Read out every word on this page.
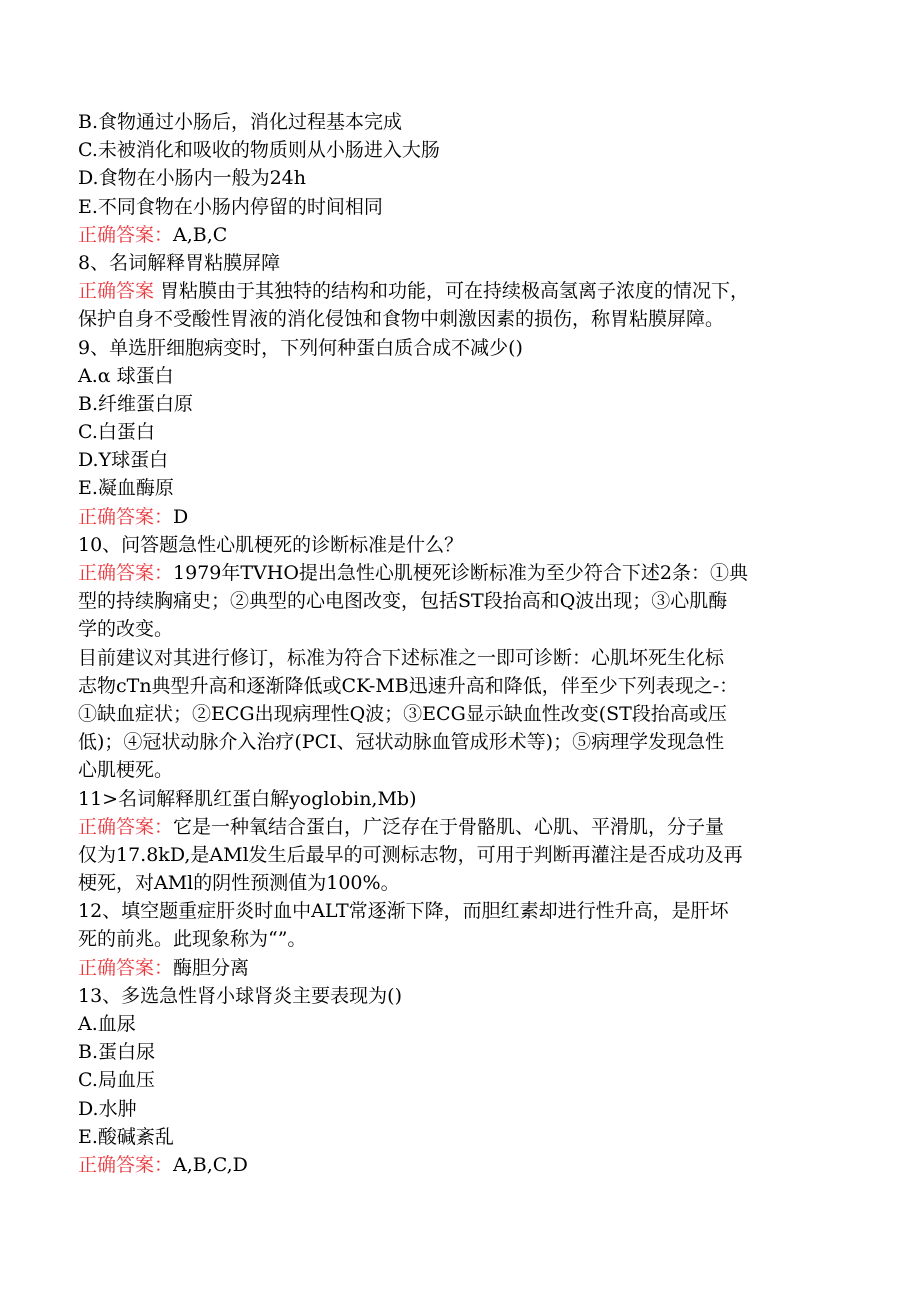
B.食物通过小肠后，消化过程基本完成
C.未被消化和吸收的物质则从小肠进入大肠
D.食物在小肠内一般为24h
E.不同食物在小肠内停留的时间相同
正确答案：A,B,C
8、名词解释胃粘膜屏障
正确答案 胃粘膜由于其独特的结构和功能，可在持续极高氢离子浓度的情况下，
保护自身不受酸性胃液的消化侵蚀和食物中刺激因素的损伤，称胃粘膜屏障。
9、单选肝细胞病变时，下列何种蛋白质合成不减少()
A.α 球蛋白
B.纤维蛋白原
C.白蛋白
D.Y球蛋白
E.凝血酶原
正确答案：D
10、问答题急性心肌梗死的诊断标准是什么？
正确答案：1979年TVHO提出急性心肌梗死诊断标准为至少符合下述2条：①典
型的持续胸痛史；②典型的心电图改变，包括ST段抬高和Q波出现；③心肌酶
学的改变。
目前建议对其进行修订，标准为符合下述标准之一即可诊断：心肌坏死生化标
志物cTn典型升高和逐渐降低或CK-MB迅速升高和降低，伴至少下列表现之-：
①缺血症状；②ECG出现病理性Q波；③ECG显示缺血性改变(ST段抬高或压
低)；④冠状动脉介入治疗(PCI、冠状动脉血管成形术等)；⑤病理学发现急性
心肌梗死。
11>名词解释肌红蛋白解yoglobin,Mb)
正确答案：它是一种氧结合蛋白，广泛存在于骨骼肌、心肌、平滑肌，分子量
仅为17.8kD,是AMl发生后最早的可测标志物，可用于判断再灌注是否成功及再
梗死，对AMl的阴性预测值为100%。
12、填空题重症肝炎时血中ALT常逐渐下降，而胆红素却进行性升高，是肝坏
死的前兆。此现象称为“”。
正确答案：酶胆分离
13、多选急性肾小球肾炎主要表现为()
A.血尿
B.蛋白尿
C.局血压
D.水肿
E.酸碱紊乱
正确答案：A,B,C,D
